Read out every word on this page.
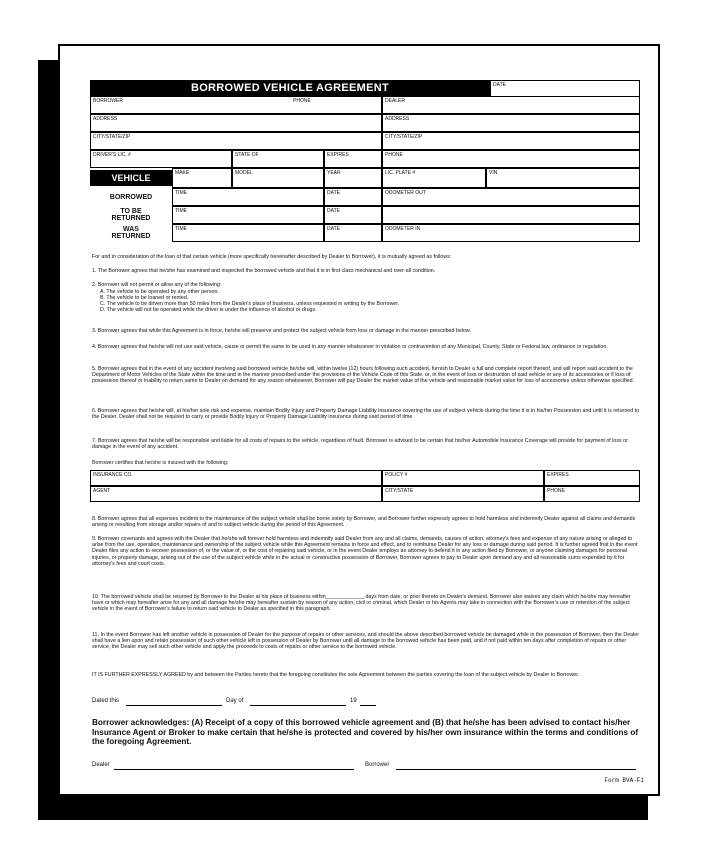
BORROWED VEHICLE AGREEMENT	DATE
BORROWER	PHONE	DEALER
ADDRESS	ADDRESS
CITY/STATE/ZIP	CITY/STATE/ZIP
DRIVER'S LIC. #	STATE OF	EXPIRES	PHONE
VEHICLE	MAKE	MODEL	YEAR	LIC. PLATE #	VIN
BORROWED
TIME	DATE	ODOMETER OUT
TO BE RETURNED
TIME	DATE
WAS RETURNED
TIME	DATE	ODOMETER IN

For and in consideration of the loan of that certain vehicle (more specifically hereinafter described by Dealer to Borrower), it is mutually agreed as follows:

1. The Borrower agrees that he/she has examined and inspected the borrowed vehicle and that it is in first class mechanical and over-all condition.

2. Borrower will not permit or allow any of the following:

A. The vehicle to be operated by any other person.

B. The vehicle to be loaned or rented.

C. The vehicle to be driven more than 50 miles from the Dealer's place of business, unless requested in writing by the Borrower.

D. The vehicle will not be operated while the driver is under the influence of alcohol or drugs.

3. Borrower agrees that while this Agreement is in force, he/she will preserve and protect the subject vehicle from loss or damage in the manner prescribed below.

4. Borrower agrees that he/she will not use said vehicle, cause or permit the same to be used in any manner whatsoever in violation or contravention of any Municipal, County, State or Federal law, ordinance or regulation.

5. Borrower agrees that in the event of any accident involving said borrowed vehicle he/she will, within twelve (12) hours following such accident, furnish to Dealer a full and complete report thereof, and will report said accident to the Department of Motor Vehicles of the State within the time and in the manner prescribed under the provisions of the Vehicle Code of this State, or, in the event of loss or destruction of said vehicle or any of its accessories or if loss of possession thereof or inability to return same to Dealer on demand for any reason whatsoever, Borrower will pay Dealer the market value of the vehicle and reasonable market value for loss of accessories unless otherwise specified.

6. Borrower agrees that he/she will, at his/her sole risk and expense, maintain Bodily Injury and Property Damage Liability insurance covering the use of subject vehicle during the time it is in his/her Possession and until it is returned to the Dealer. Dealer shall not be required to carry or provide Bodily Injury or Property Damage Liability insurance during said period of time

7. Borrower agrees that he/she will be responsible and liable for all costs of repairs to the vehicle, regardless of fault. Borrower is advised to be certain that his/her Automobile Insurance Coverage will provide for payment of loss or damage in the event of any accident.

Borrower certifies that he/she is insured with the following:

INSURANCE CO.	POLICY #	EXPIRES
AGENT	CITY/STATE	PHONE

8. Borrower agrees that all expenses incident to the maintenance of the subject vehicle shall be borne solely by Borrower, and Borrower further expressly agrees to hold harmless and indemnify Dealer against all claims and demands arising or resulting from storage and/or repairs of and to subject vehicle during the period of this Agreement.

9. Borrower covenants and agrees with the Dealer that he/she will forever hold harmless and indemnify said Dealer from any and all claims, demands, causes of action, attorney's fees and expense of any nature arising or alleged to arise from the use, operation, maintenance and ownership of the subject vehicle while this Agreement remains in force and effect, and to reimburse Dealer for any loss or damage during said period. It is further agreed that in the event Dealer files any action to recover possession of, or the value of, or the cost of repairing said vehicle, or in the event Dealer employs an attorney to defend it in any action filed by Borrower, or anyone claiming damages for personal injuries, or property damage, arising out of the use of the subject vehicle while in the actual or constructive possession of Borrower, Borrower agrees to pay to Dealer upon demand any and all reasonable sums expended by it for attorney's fees and court costs.

10. The borrowed vehicle shall be returned by Borrower to the Dealer at his place of business within_____________ days from date, or prior thereto on Dealer's demand. Borrower also waives any claim which he/she may hereafter have or which may hereafter arise for any and all damage he/she may hereafter sustain by reason of any action, civil or criminal, which Dealer or his Agents may take in connection with the Borrower's use or retention of the subject vehicle in the event of Borrower's failure to return said vehicle to Dealer as specified in this paragraph.

11. In the event Borrower has left another vehicle in possession of Dealer for the purpose of repairs or other services, and should the above described borrowed vehicle be damaged while in the possession of Borrower, then the Dealer shall have a lien upon and retain possession of such other vehicle left in possession of Dealer by Borrower until all damage to the borrowed vehicle has been paid, and if not paid within ten days after completion of repairs or other service, the Dealer may sell such other vehicle and apply the proceeds to costs of repairs or other service to the borrowed vehicle.

IT IS FURTHER EXPRESSLY AGREED by and between the Parties hereto that the foregoing constitutes the sole Agreement between the parties covering the loan of the subject vehicle by Dealer to Borrower.

Dated this	Day of	19
Borrower acknowledges: (A) Receipt of a copy of this borrowed vehicle agreement and (B) that he/she has been advised to contact his/her Insurance Agent or Broker to make certain that he/she is protected and covered by his/her own insurance within the terms and conditions of the foregoing Agreement.
Dealer	Borrower
Form BVA-F1
